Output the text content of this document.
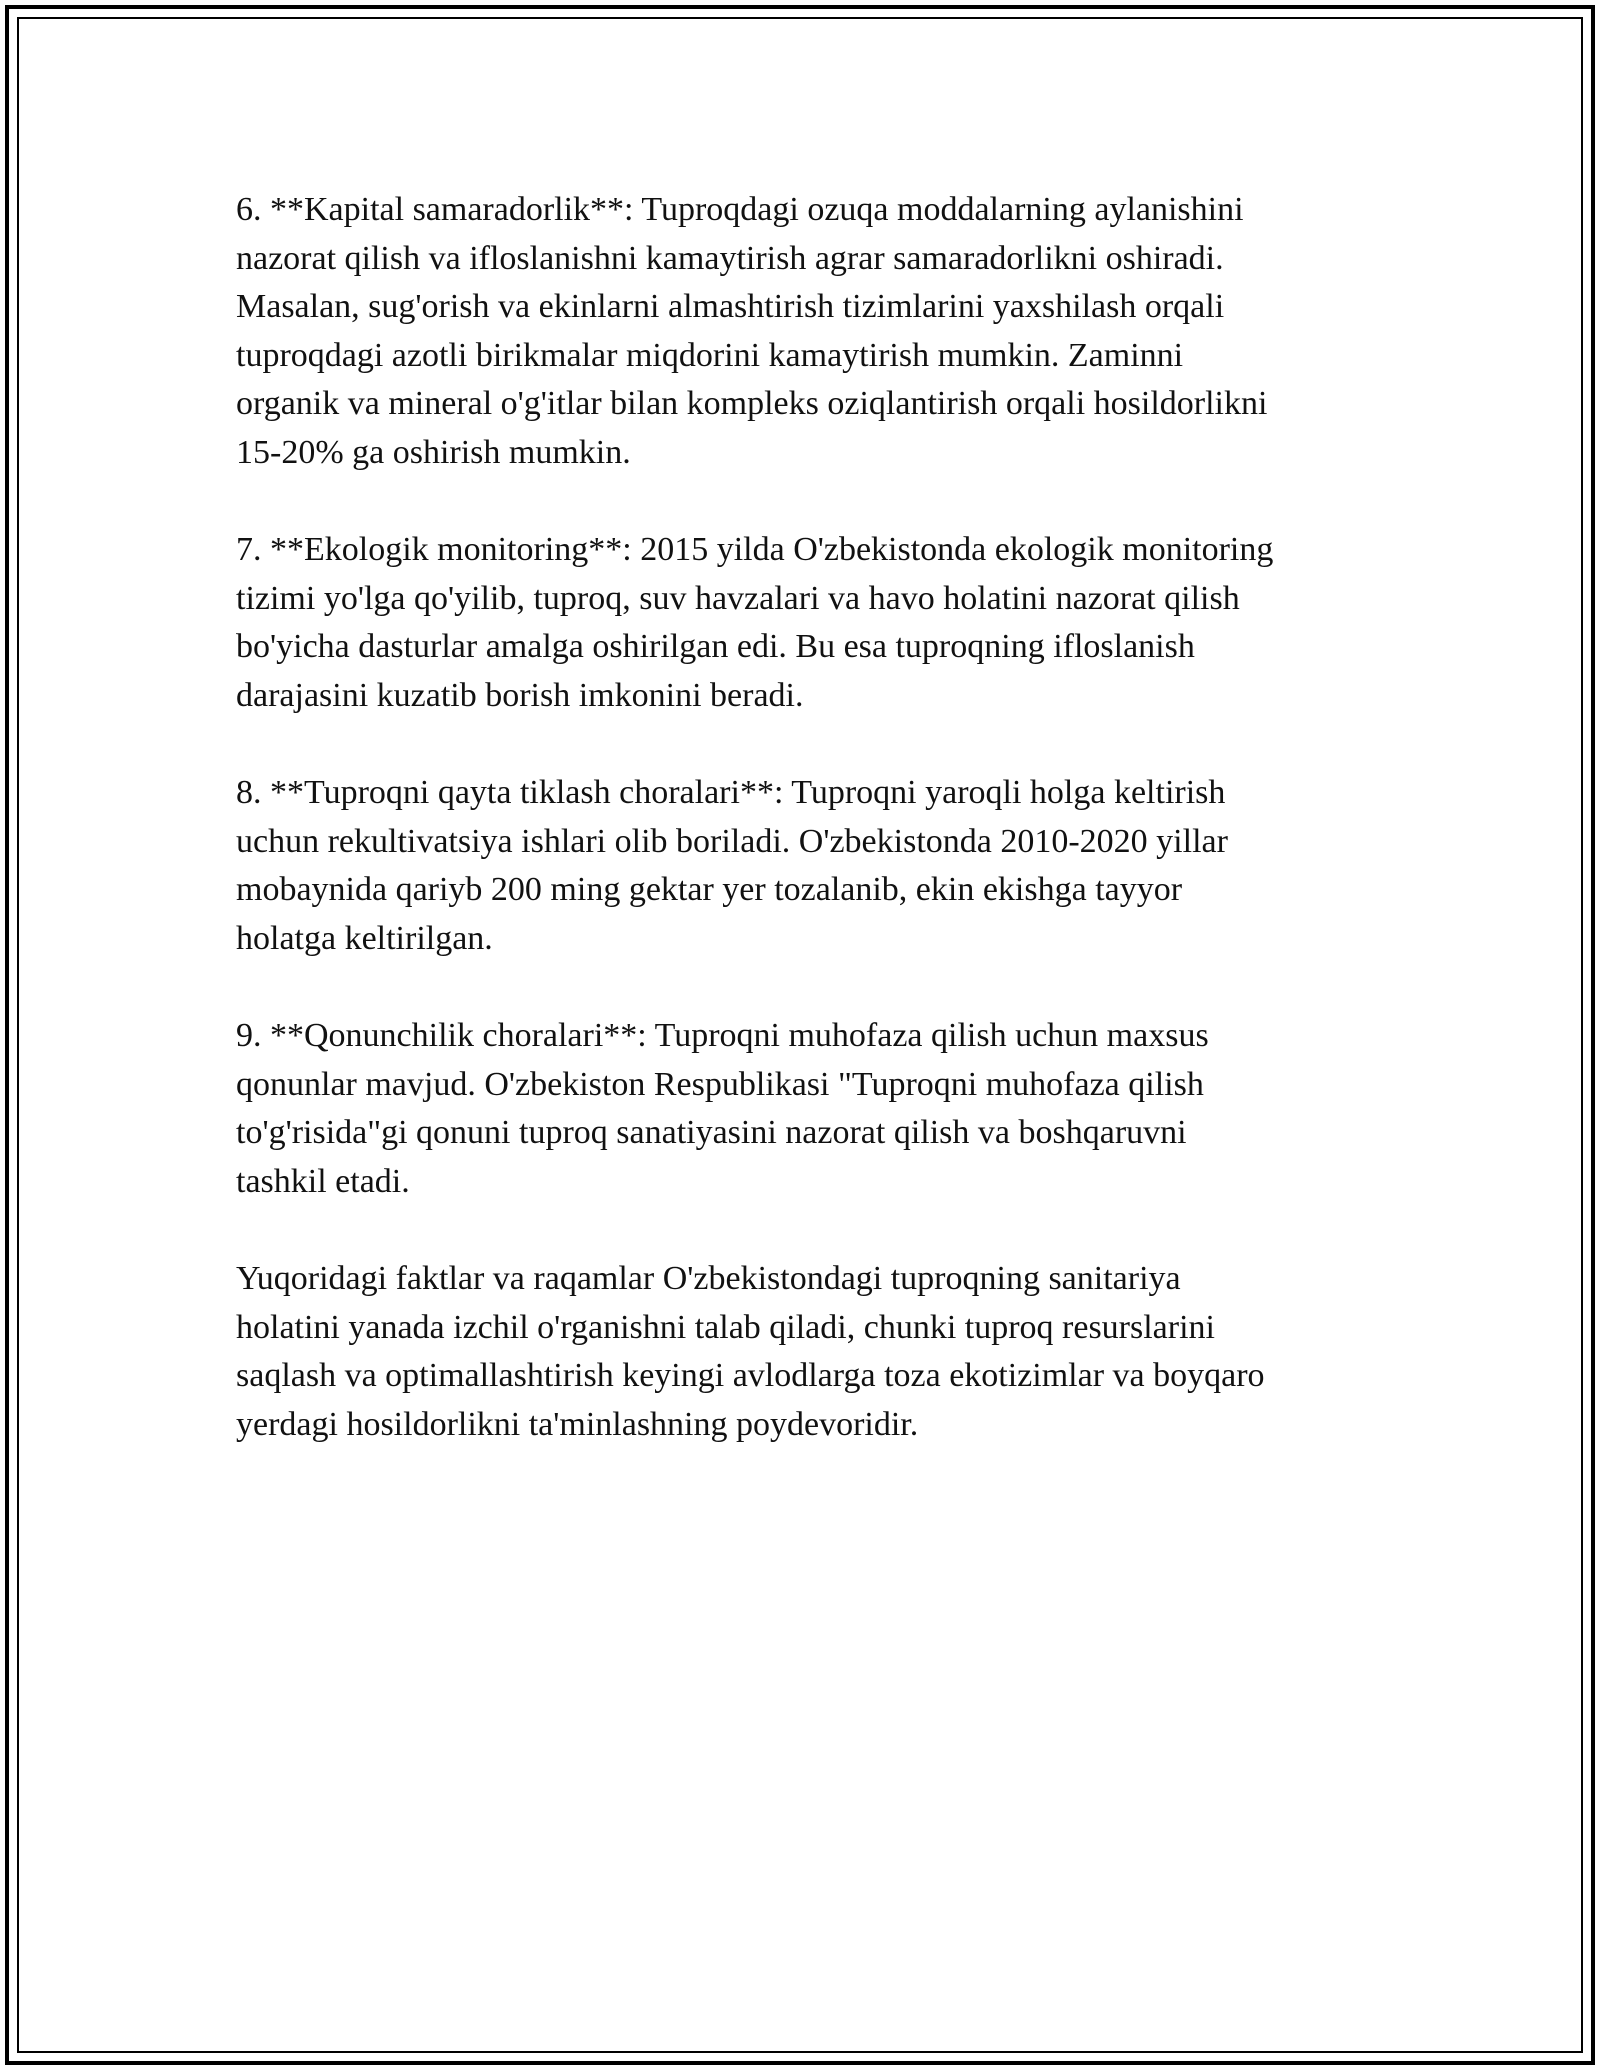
6. **Kapital samaradorlik**: Tuproqdagi ozuqa moddalarning aylanishini
nazorat qilish va ifloslanishni kamaytirish agrar samaradorlikni oshiradi.
Masalan, sug'orish va ekinlarni almashtirish tizimlarini yaxshilash orqali
tuproqdagi azotli birikmalar miqdorini kamaytirish mumkin. Zaminni
organik va mineral o'g'itlar bilan kompleks oziqlantirish orqali hosildorlikni
15-20% ga oshirish mumkin.

7. **Ekologik monitoring**: 2015 yilda O'zbekistonda ekologik monitoring
tizimi yo'lga qo'yilib, tuproq, suv havzalari va havo holatini nazorat qilish
bo'yicha dasturlar amalga oshirilgan edi. Bu esa tuproqning ifloslanish
darajasini kuzatib borish imkonini beradi.

8. **Tuproqni qayta tiklash choralari**: Tuproqni yaroqli holga keltirish
uchun rekultivatsiya ishlari olib boriladi. O'zbekistonda 2010-2020 yillar
mobaynida qariyb 200 ming gektar yer tozalanib, ekin ekishga tayyor
holatga keltirilgan.

9. **Qonunchilik choralari**: Tuproqni muhofaza qilish uchun maxsus
qonunlar mavjud. O'zbekiston Respublikasi "Tuproqni muhofaza qilish
to'g'risida"gi qonuni tuproq sanatiyasini nazorat qilish va boshqaruvni
tashkil etadi.

Yuqoridagi faktlar va raqamlar O'zbekistondagi tuproqning sanitariya
holatini yanada izchil o'rganishni talab qiladi, chunki tuproq resurslarini
saqlash va optimallashtirish keyingi avlodlarga toza ekotizimlar va boyqaro
yerdagi hosildorlikni ta'minlashning poydevoridir.
